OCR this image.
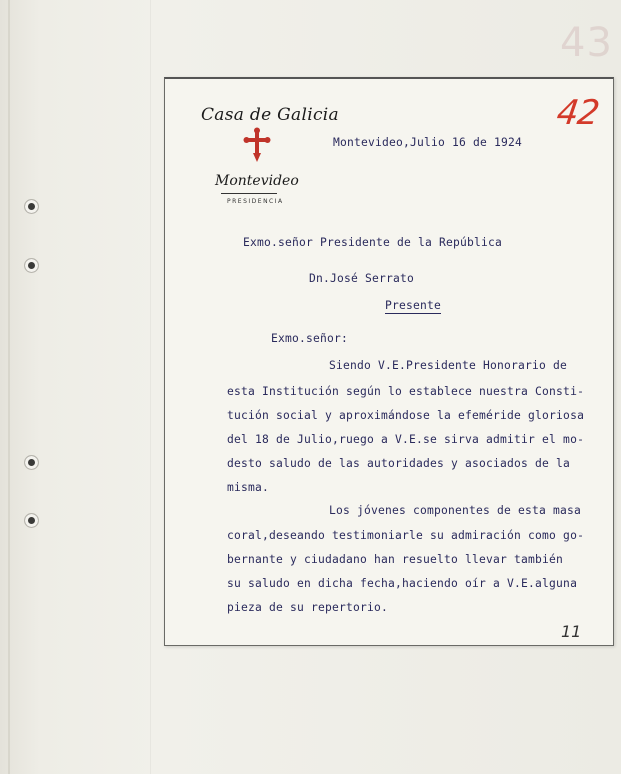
43

Casa de Galicia

Montevideo

PRESIDENCIA

42

Montevideo,Julio 16 de 1924

Exmo.señor Presidente de la República

Dn.José Serrato

Presente

Exmo.señor:

Siendo V.E.Presidente Honorario de

esta Institución según lo establece nuestra Consti-

tución social y aproximándose la efeméride gloriosa

del 18 de Julio,ruego a V.E.se sirva admitir el mo-

desto saludo de las autoridades y asociados de la

misma.

Los jóvenes componentes de esta masa

coral,deseando testimoniarle su admiración como go-

bernante y ciudadano han resuelto llevar también

su saludo en dicha fecha,haciendo oír a V.E.alguna

pieza de su repertorio.

11
